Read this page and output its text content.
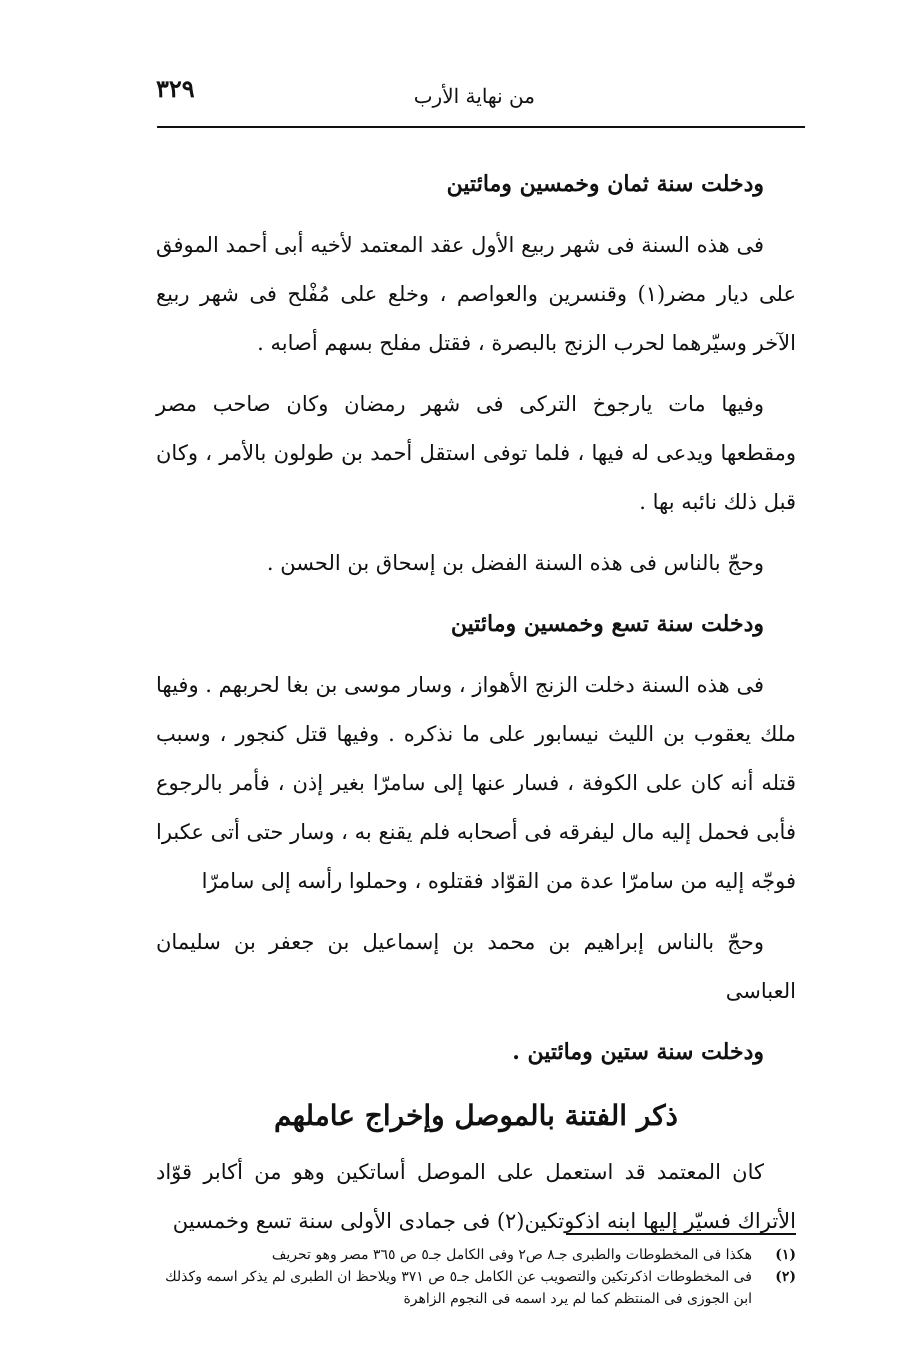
من نهاية الأرب
٣٢٩

ودخلت سنة ثمان وخمسين ومائتين

فى هذه السنة فى شهر ربيع الأول عقد المعتمد لأخيه أبى أحمد الموفق على ديار مضر(١) وقنسرين والعواصم ، وخلع على مُفْلح فى شهر ربيع الآخر وسيّرهما لحرب الزنج بالبصرة ، فقتل مفلح بسهم أصابه .

وفيها مات يارجوخ التركى فى شهر رمضان وكان صاحب مصر ومقطعها ويدعى له فيها ، فلما توفى استقل أحمد بن طولون بالأمر ، وكان قبل ذلك نائبه بها .

وحجّ بالناس فى هذه السنة الفضل بن إسحاق بن الحسن .

ودخلت سنة تسع وخمسين ومائتين

فى هذه السنة دخلت الزنج الأهواز ، وسار موسى بن بغا لحربهم . وفيها ملك يعقوب بن الليث نيسابور على ما نذكره . وفيها قتل كنجور ، وسبب قتله أنه كان على الكوفة ، فسار عنها إلى سامرّا بغير إذن ، فأمر بالرجوع فأبى فحمل إليه مال ليفرقه فى أصحابه فلم يقنع به ، وسار حتى أتى عكبرا فوجّه إليه من سامرّا عدة من القوّاد فقتلوه ، وحملوا رأسه إلى سامرّا

وحجّ بالناس إبراهيم بن محمد بن إسماعيل بن جعفر بن سليمان العباسى

ودخلت سنة ستين ومائتين .

ذكر الفتنة بالموصل وإخراج عاملهم

كان المعتمد قد استعمل على الموصل أساتكين وهو من أكابر قوّاد الأتراك فسيّر إليها ابنه اذكوتكين(٢) فى جمادى الأولى سنة تسع وخمسين

(١)
هكذا فى المخطوطات والطبرى جـ٨ ص٢ وفى الكامل جـ٥ ص ٣٦٥ مصر وهو تحريف
(٢)
فى المخطوطات اذكرتكين والتصويب عن الكامل جـ٥ ص ٣٧١ ويلاحظ ان الطبرى لم يذكر اسمه وكذلك ابن الجوزى فى المنتظم كما لم يرد اسمه فى النجوم الزاهرة
